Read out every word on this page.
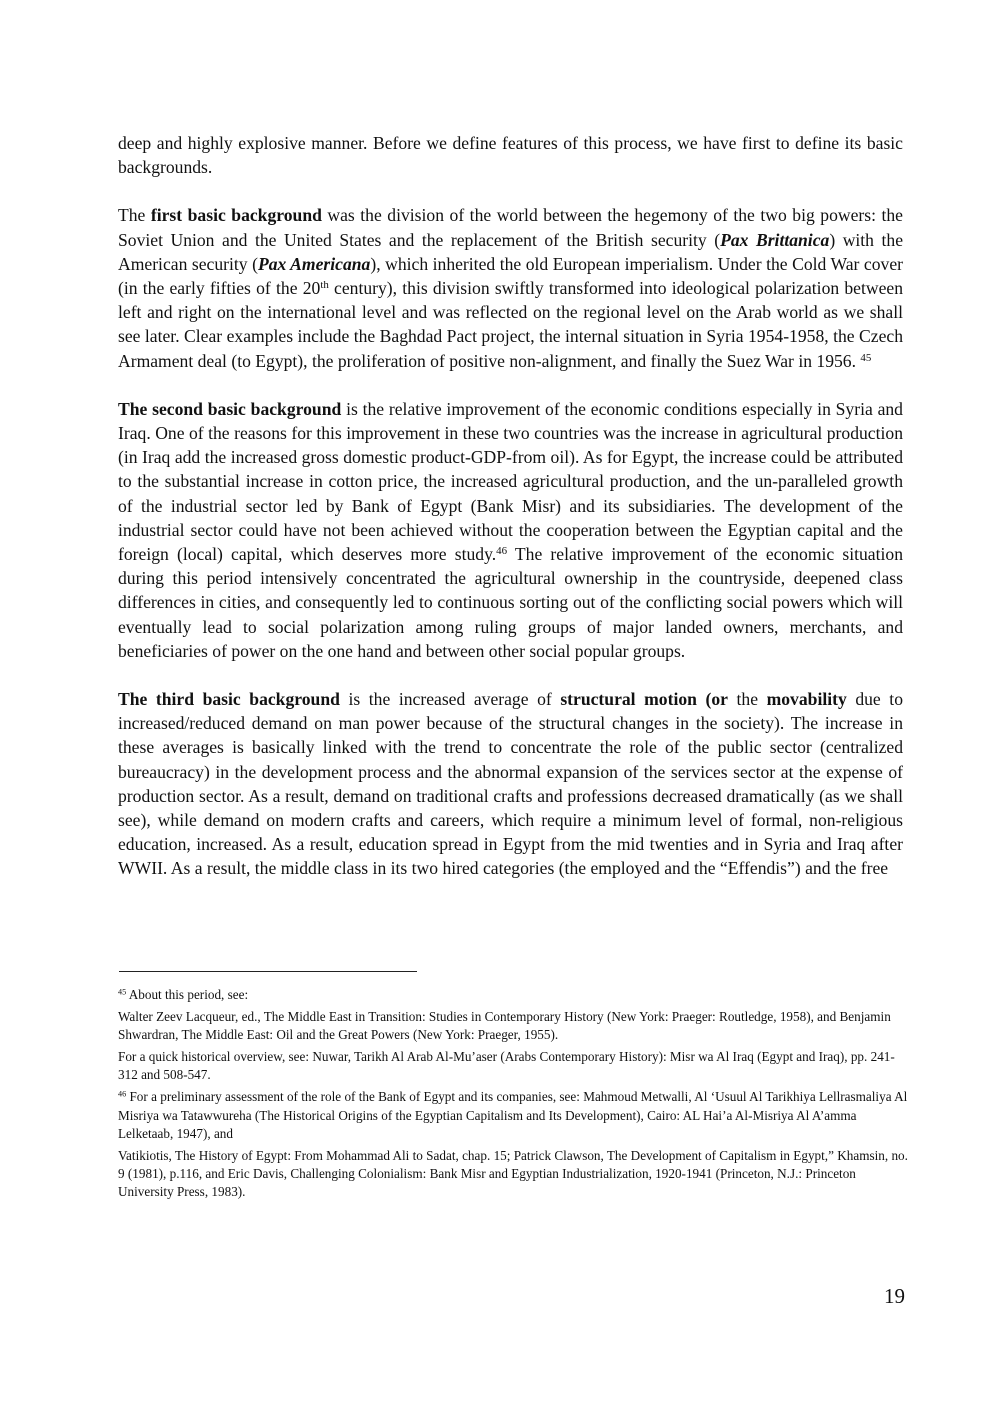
deep and highly explosive manner. Before we define features of this process, we have first to define its basic backgrounds.

The first basic background was the division of the world between the hegemony of the two big powers: the Soviet Union and the United States and the replacement of the British security (Pax Brittanica) with the American security (Pax Americana), which inherited the old European imperialism. Under the Cold War cover (in the early fifties of the 20th century), this division swiftly transformed into ideological polarization between left and right on the international level and was reflected on the regional level on the Arab world as we shall see later. Clear examples include the Baghdad Pact project, the internal situation in Syria 1954-1958, the Czech Armament deal (to Egypt), the proliferation of positive non-alignment, and finally the Suez War in 1956. $^{45}$

The second basic background is the relative improvement of the economic conditions especially in Syria and Iraq. One of the reasons for this improvement in these two countries was the increase in agricultural production (in Iraq add the increased gross domestic product-GDP-from oil). As for Egypt, the increase could be attributed to the substantial increase in cotton price, the increased agricultural production, and the un-paralleled growth of the industrial sector led by Bank of Egypt (Bank Misr) and its subsidiaries. The development of the industrial sector could have not been achieved without the cooperation between the Egyptian capital and the foreign (local) capital, which deserves more study.$^{46}$ The relative improvement of the economic situation during this period intensively concentrated the agricultural ownership in the countryside, deepened class differences in cities, and consequently led to continuous sorting out of the conflicting social powers which will eventually lead to social polarization among ruling groups of major landed owners, merchants, and beneficiaries of power on the one hand and between other social popular groups.

The third basic background is the increased average of structural motion (or the movability due to increased/reduced demand on man power because of the structural changes in the society). The increase in these averages is basically linked with the trend to concentrate the role of the public sector (centralized bureaucracy) in the development process and the abnormal expansion of the services sector at the expense of production sector. As a result, demand on traditional crafts and professions decreased dramatically (as we shall see), while demand on modern crafts and careers, which require a minimum level of formal, non-religious education, increased. As a result, education spread in Egypt from the mid twenties and in Syria and Iraq after WWII. As a result, the middle class in its two hired categories (the employed and the “Effendis”) and the free

$^{45}$ About this period, see:

Walter Zeev Lacqueur, ed., The Middle East in Transition: Studies in Contemporary History (New York: Praeger: Routledge, 1958), and Benjamin Shwardran, The Middle East: Oil and the Great Powers (New York: Praeger, 1955).

For a quick historical overview, see: Nuwar, Tarikh Al Arab Al-Mu’aser (Arabs Contemporary History): Misr wa Al Iraq (Egypt and Iraq), pp. 241-312 and 508-547.

$^{46}$ For a preliminary assessment of the role of the Bank of Egypt and its companies, see: Mahmoud Metwalli, Al ‘Usuul Al Tarikhiya Lellrasmaliya Al Misriya wa Tatawwureha (The Historical Origins of the Egyptian Capitalism and Its Development), Cairo: AL Hai’a Al-Misriya Al A’amma Lelketaab, 1947), and

Vatikiotis, The History of Egypt: From Mohammad Ali to Sadat, chap. 15; Patrick Clawson, The Development of Capitalism in Egypt,” Khamsin, no. 9 (1981), p.116, and Eric Davis, Challenging Colonialism: Bank Misr and Egyptian Industrialization, 1920-1941 (Princeton, N.J.: Princeton University Press, 1983).

19
